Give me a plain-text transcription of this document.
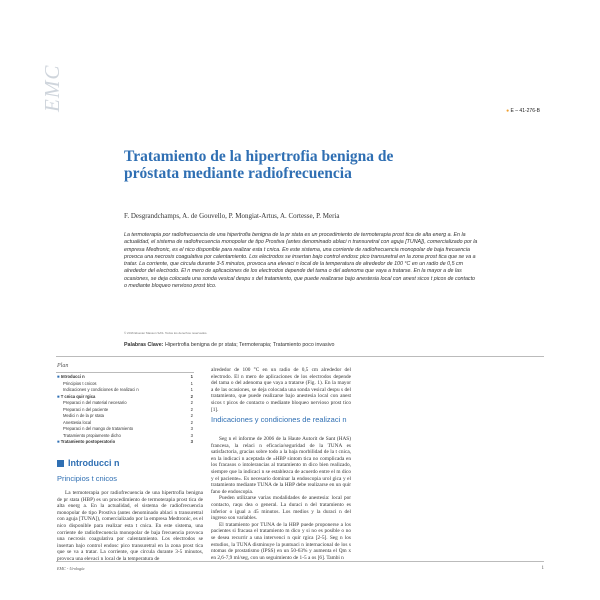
EMC	● E – 41-276-B
Tratamiento de la hipertrofia benigna de próstata mediante radiofrecuencia
F. Desgrandchamps, A. de Gouvello, P. Mongiat-Artus, A. Cortesse, P. Meria

La termoterapia por radiofrecuencia de una hipertrofia benigna de la pr stata es un procedimiento de termoterapia prost tica de alta energ a. En la actualidad, el sistema de radiofrecuencia monopolar de tipo Prostiva (antes denominado ablaci n transuretral con aguja [TUNA]), comercializado por la empresa Medtronic, es el nico disponible para realizar esta t cnica. En este sistema, una corriente de radiofrecuencia monopolar de baja frecuencia provoca una necrosis coagulativa por calentamiento. Los electrodos se insertan bajo control endosc pico transuretral en la zona prost tica que se va a tratar. La corriente, que circula durante 3-5 minutos, provoca una elevaci n local de la temperatura de alrededor de 100 °C en un radio de 0,5 cm alrededor del electrodo. El n mero de aplicaciones de los electrodos depende del tama o del adenoma que vaya a tratarse. En la mayor a de las ocasiones, se deja colocada una sonda vesical despu s del tratamiento, que puede realizarse bajo anestesia local con anest sicos t picos de contacto o mediante bloqueo nervioso prost tico.

© 2016 Elsevier Masson SAS. Todos los derechos reservados.
Palabras Clave: Hipertrofia benigna de pr stata; Termoterapia; Tratamiento poco invasivo
Plan
■ Introducci n	1
Principios t cnicos	1
Indicaciones y condiciones de realizaci n	1
■ T cnica quir rgica	2
Preparaci n del material necesario	2
Preparaci n del paciente	2
Medici n de la pr stata	2
Anestesia local	2
Preparaci n del mango de tratamiento	3
Tratamiento propiamente dicho	3
■ Tratamiento postoperatorio	3
Introducci n
Principios t cnicos

La termoterapia por radiofrecuencia de una hipertrofia benigna de pr stata (HBP) es un procedimiento de termoterapia prost tica de alta energ a. En la actualidad, el sistema de radiofrecuencia monopolar de tipo Prostiva (antes denominado ablaci n transuretral con aguja [TUNA]), comercializado por la empresa Medtronic, es el nico disponible para realizar esta t cnica. En este sistema, una corriente de radiofrecuencia monopolar de baja frecuencia provoca una necrosis coagulativa por calentamiento. Los electrodos se insertan bajo control endosc pico transuretral en la zona prost tica que se va a tratar. La corriente, que circula durante 3-5 minutos, provoca una elevaci n local de la temperatura de

alrededor de 100 °C en un radio de 0,5 cm alrededor del electrodo. El n mero de aplicaciones de los electrodos depende del tama o del adenoma que vaya a tratarse (Fig. 1). En la mayor a de las ocasiones, se deja colocada una sonda vesical despu s del tratamiento, que puede realizarse bajo anestesia local con anest sicos t picos de contacto o mediante bloqueo nervioso prost tico [1].

Indicaciones y condiciones de realizaci n

Seg n el informe de 2006 de la Haute Autorit de Sant (HAS) francesa, la relaci n eficacia/seguridad de la TUNA es satisfactoria, gracias sobre todo a la baja morbilidad de la t cnica, en la indicaci n aceptada de «HBP sintom tica no complicada en los fracasos o intolerancias al tratamiento m dico bien realizado, siempre que la indicaci n se establezca de acuerdo entre el m dico y el paciente». Es necesario dominar la endoscopia urol gica y el tratamiento mediante TUNA de la HBP debe realizarse en un quir fano de endoscopia.

Pueden utilizarse varias modalidades de anestesia: local por contacto, raqu dea o general. La duraci n del tratamiento es inferior o igual a 45 minutos. Los medios y la duraci n del ingreso son variables.

El tratamiento por TUNA de la HBP puede proponerse a los pacientes si fracasa el tratamiento m dico y si no es posible o no se desea recurrir a una intervenci n quir rgica [2-5]. Seg n los estudios, la TUNA disminuye la puntuaci n internacional de los s ntomas de prostatismo (IPSS) en un 50-63% y aumenta el Qm x en 2,6-7,9 ml/seg, con un seguimiento de 1-5 a os [6]. Tambi n

EMC - Urología	1
